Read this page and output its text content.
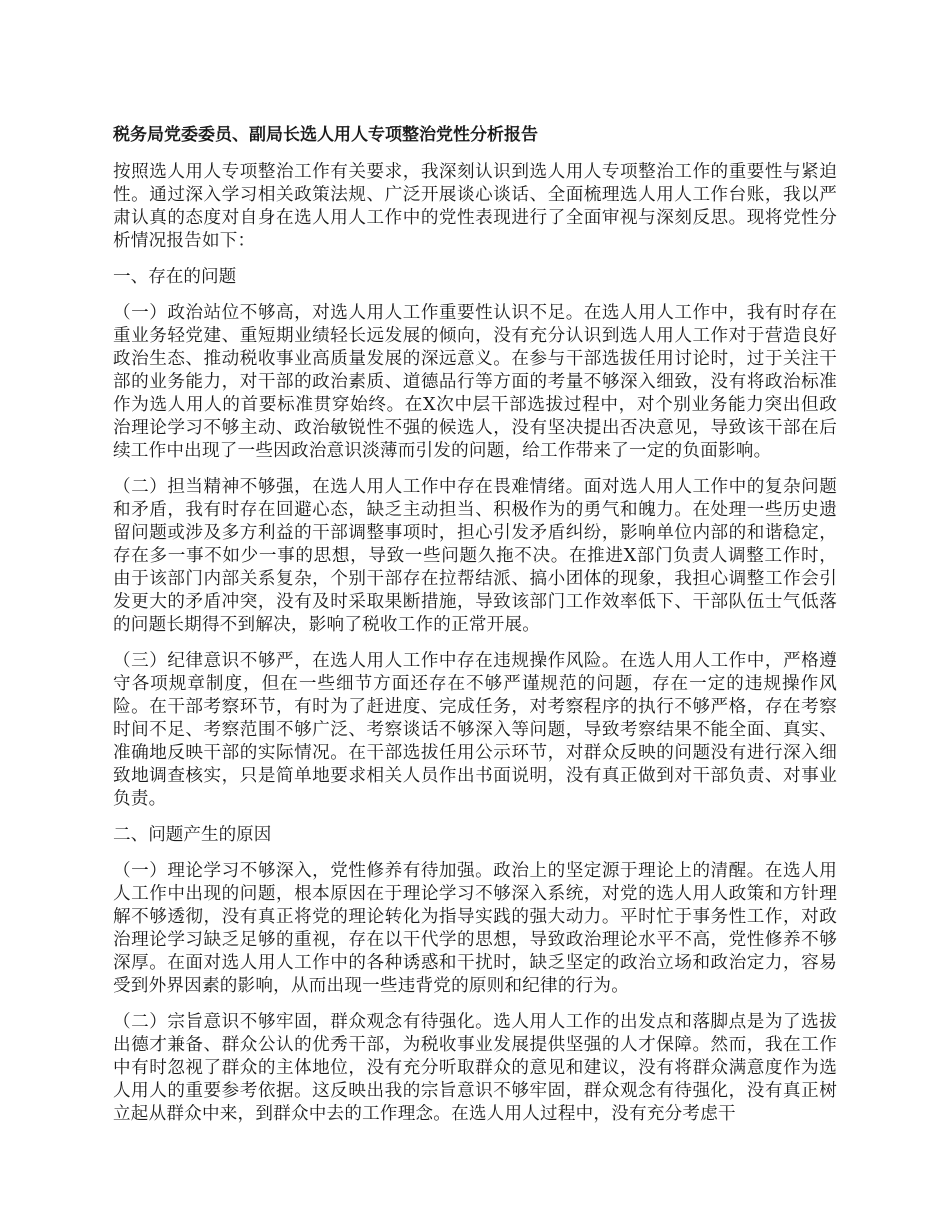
税务局党委委员、副局长选人用人专项整治党性分析报告

按照选人用人专项整治工作有关要求，我深刻认识到选人用人专项整治工作的重要性与紧迫性。通过深入学习相关政策法规、广泛开展谈心谈话、全面梳理选人用人工作台账，我以严肃认真的态度对自身在选人用人工作中的党性表现进行了全面审视与深刻反思。现将党性分析情况报告如下：

一、存在的问题

（一）政治站位不够高，对选人用人工作重要性认识不足。在选人用人工作中，我有时存在重业务轻党建、重短期业绩轻长远发展的倾向，没有充分认识到选人用人工作对于营造良好政治生态、推动税收事业高质量发展的深远意义。在参与干部选拔任用讨论时，过于关注干部的业务能力，对干部的政治素质、道德品行等方面的考量不够深入细致，没有将政治标准作为选人用人的首要标准贯穿始终。在X次中层干部选拔过程中，对个别业务能力突出但政治理论学习不够主动、政治敏锐性不强的候选人，没有坚决提出否决意见，导致该干部在后续工作中出现了一些因政治意识淡薄而引发的问题，给工作带来了一定的负面影响。

（二）担当精神不够强，在选人用人工作中存在畏难情绪。面对选人用人工作中的复杂问题和矛盾，我有时存在回避心态，缺乏主动担当、积极作为的勇气和魄力。在处理一些历史遗留问题或涉及多方利益的干部调整事项时，担心引发矛盾纠纷，影响单位内部的和谐稳定，存在多一事不如少一事的思想，导致一些问题久拖不决。在推进X部门负责人调整工作时，由于该部门内部关系复杂，个别干部存在拉帮结派、搞小团体的现象，我担心调整工作会引发更大的矛盾冲突，没有及时采取果断措施，导致该部门工作效率低下、干部队伍士气低落的问题长期得不到解决，影响了税收工作的正常开展。

（三）纪律意识不够严，在选人用人工作中存在违规操作风险。在选人用人工作中，严格遵守各项规章制度，但在一些细节方面还存在不够严谨规范的问题，存在一定的违规操作风险。在干部考察环节，有时为了赶进度、完成任务，对考察程序的执行不够严格，存在考察时间不足、考察范围不够广泛、考察谈话不够深入等问题，导致考察结果不能全面、真实、准确地反映干部的实际情况。在干部选拔任用公示环节，对群众反映的问题没有进行深入细致地调查核实，只是简单地要求相关人员作出书面说明，没有真正做到对干部负责、对事业负责。

二、问题产生的原因

（一）理论学习不够深入，党性修养有待加强。政治上的坚定源于理论上的清醒。在选人用人工作中出现的问题，根本原因在于理论学习不够深入系统，对党的选人用人政策和方针理解不够透彻，没有真正将党的理论转化为指导实践的强大动力。平时忙于事务性工作，对政治理论学习缺乏足够的重视，存在以干代学的思想，导致政治理论水平不高，党性修养不够深厚。在面对选人用人工作中的各种诱惑和干扰时，缺乏坚定的政治立场和政治定力，容易受到外界因素的影响，从而出现一些违背党的原则和纪律的行为。

（二）宗旨意识不够牢固，群众观念有待强化。选人用人工作的出发点和落脚点是为了选拔出德才兼备、群众公认的优秀干部，为税收事业发展提供坚强的人才保障。然而，我在工作中有时忽视了群众的主体地位，没有充分听取群众的意见和建议，没有将群众满意度作为选人用人的重要参考依据。这反映出我的宗旨意识不够牢固，群众观念有待强化，没有真正树立起从群众中来，到群众中去的工作理念。在选人用人过程中，没有充分考虑干
